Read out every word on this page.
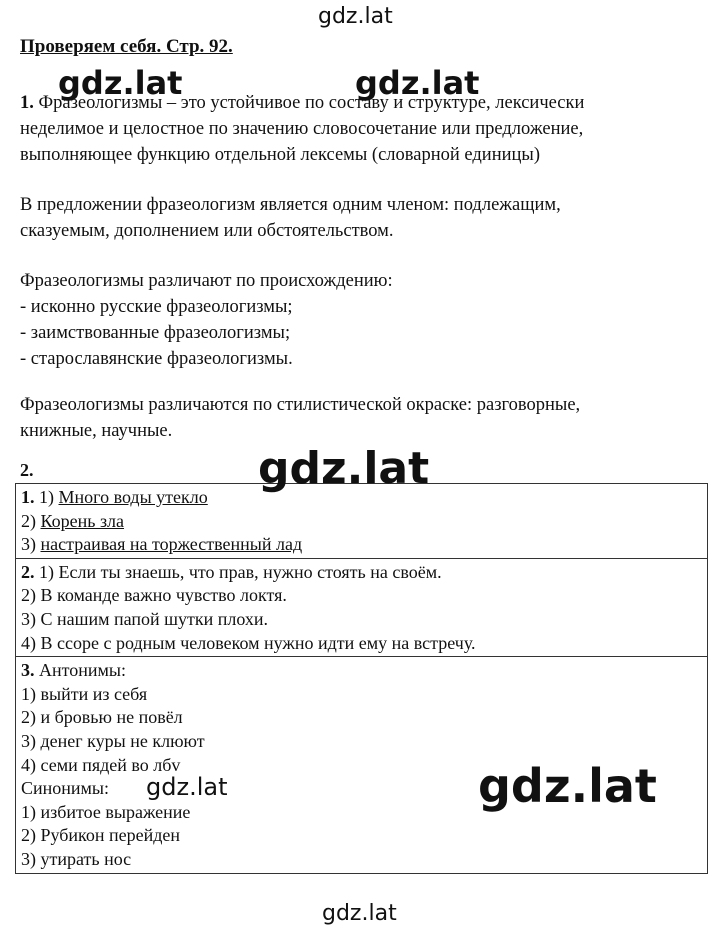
gdz.lat
Проверяем себя. Стр. 92.
gdz.lat	gdz.lat
1. Фразеологизмы – это устойчивое по составу и структуре, лексически
неделимое и целостное по значению словосочетание или предложение,
выполняющее функцию отдельной лексемы (словарной единицы)
В предложении фразеологизм является одним членом: подлежащим,
сказуемым, дополнением или обстоятельством.
Фразеологизмы различают по происхождению:
- исконно русские фразеологизмы;
- заимствованные фразеологизмы;
- старославянские фразеологизмы.
Фразеологизмы различаются по стилистической окраске: разговорные,
книжные, научные.
2.
1. 1) Много воды утекло
2) Корень зла
3) настраивая на торжественный лад
2. 1) Если ты знаешь, что прав, нужно стоять на своём.
2) В команде важно чувство локтя.
3) С нашим папой шутки плохи.
4) В ссоре с родным человеком нужно идти ему на встречу.
3. Антонимы:
1) выйти из себя
2) и бровью не повёл
3) денег куры не клюют
4) семи пядей во лбv
Синонимы:
1) избитое выражение
2) Рубикон перейден
3) утирать нос
gdz.lat
gdz.lat	gdz.lat
gdz.lat
